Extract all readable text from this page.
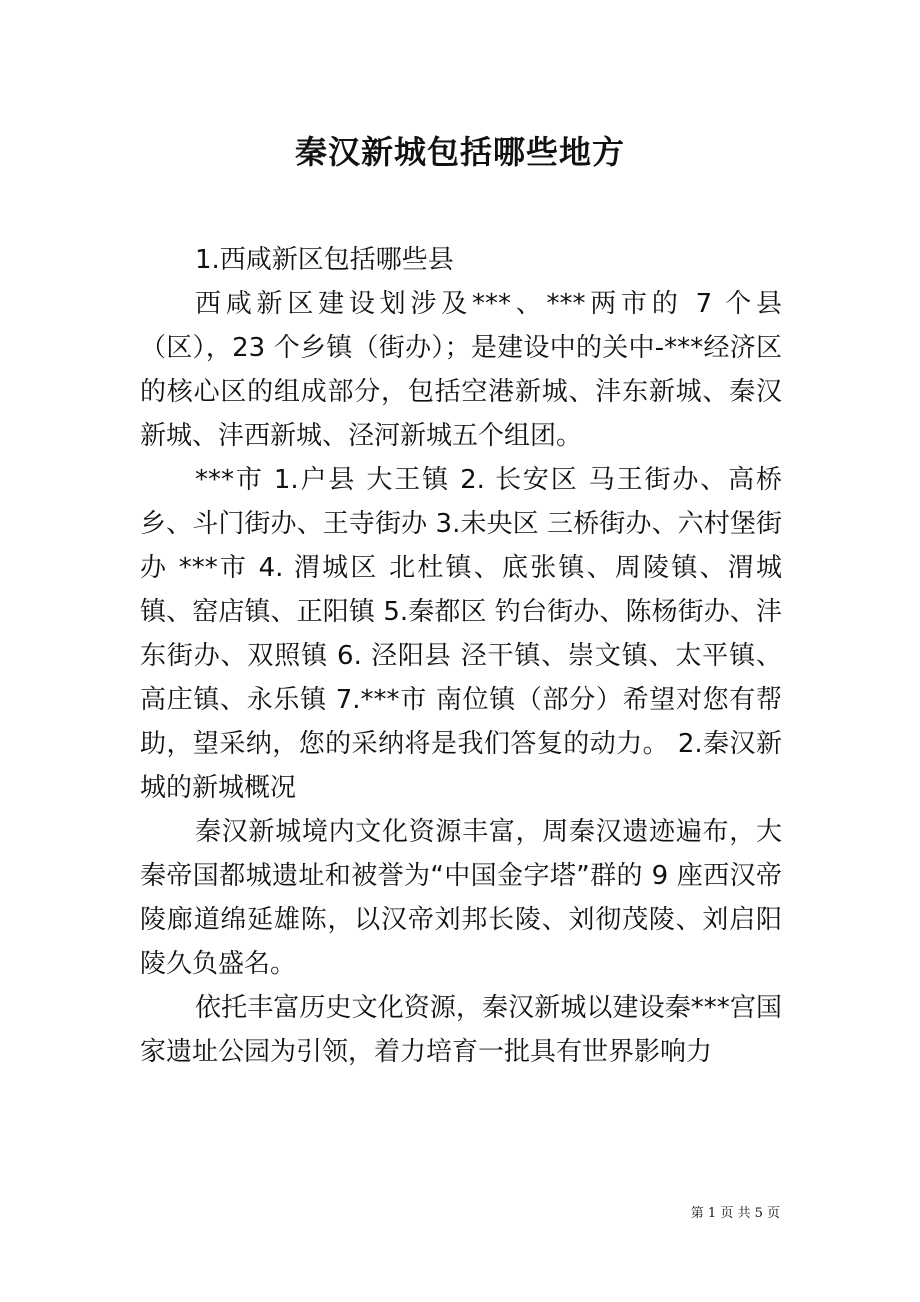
秦汉新城包括哪些地方

1.西咸新区包括哪些县

西咸新区建设划涉及***、***两市的 7 个县（区），23 个乡镇（街办）；是建设中的关中-***经济区的核心区的组成部分，包括空港新城、沣东新城、秦汉新城、沣西新城、泾河新城五个组团。

***市 1.户县 大王镇 2. 长安区 马王街办、高桥乡、斗门街办、王寺街办 3.未央区 三桥街办、六村堡街办 ***市 4. 渭城区 北杜镇、底张镇、周陵镇、渭城镇、窑店镇、正阳镇 5.秦都区 钓台街办、陈杨街办、沣东街办、双照镇 6. 泾阳县 泾干镇、崇文镇、太平镇、高庄镇、永乐镇 7.***市 南位镇（部分）希望对您有帮助，望采纳，您的采纳将是我们答复的动力。 2.秦汉新城的新城概况

秦汉新城境内文化资源丰富，周秦汉遗迹遍布，大秦帝国都城遗址和被誉为“中国金字塔”群的 9 座西汉帝陵廊道绵延雄陈，以汉帝刘邦长陵、刘彻茂陵、刘启阳陵久负盛名。

依托丰富历史文化资源，秦汉新城以建设秦***宫国家遗址公园为引领，着力培育一批具有世界影响力

第 1 页 共 5 页
